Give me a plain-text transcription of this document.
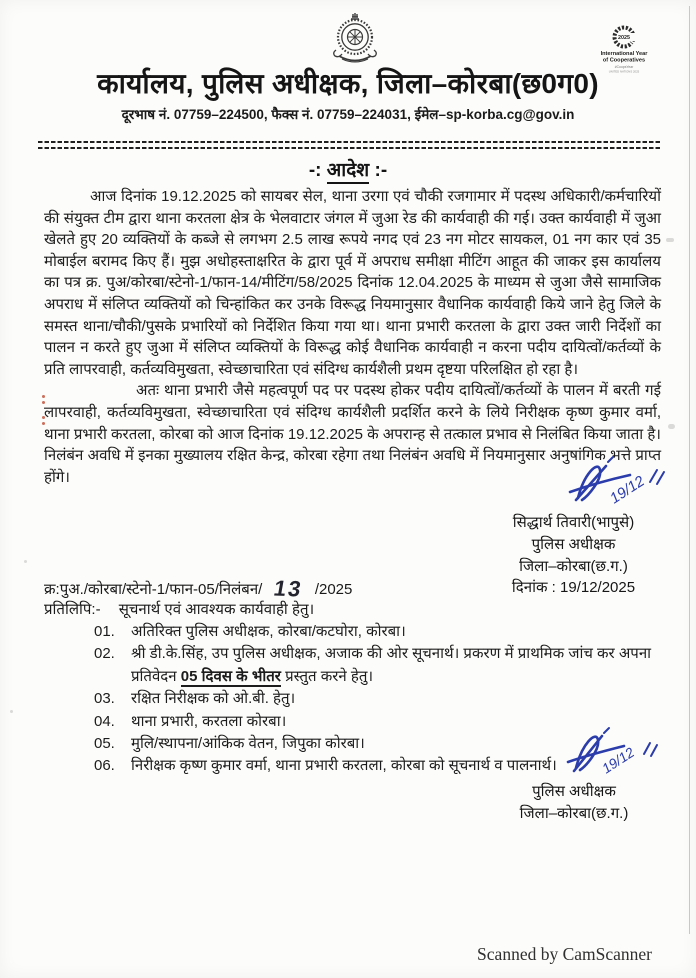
2025
International Year
of Cooperatives
#CoopsYear
UNITED NATIONS 2025
कार्यालय, पुलिस अधीक्षक, जिला–कोरबा(छ0ग0)
दूरभाष नं. 07759–224500, फैक्स नं. 07759–224031, ईमेल–sp-korba.cg@gov.in
-: आदेश :-

आज दिनांक 19.12.2025 को सायबर सेल, थाना उरगा एवं चौकी रजगामार में पदस्थ अधिकारी/कर्मचारियों की संयुक्त टीम द्वारा थाना करतला क्षेत्र के भेलवाटार जंगल में जुआ रेड की कार्यवाही की गई। उक्त कार्यवाही में जुआ खेलते हुए 20 व्यक्तियों के कब्जे से लगभग 2.5 लाख रूपये नगद एवं 23 नग मोटर सायकल, 01 नग कार एवं 35 मोबाईल बरामद किए हैं। मुझ अधोहस्ताक्षरित के द्वारा पूर्व में अपराध समीक्षा मीटिंग आहूत की जाकर इस कार्यालय का पत्र क्र. पुअ/कोरबा/स्टेनो-1/फान-14/मीटिंग/58/2025 दिनांक 12.04.2025 के माध्यम से जुआ जैसे सामाजिक अपराध में संलिप्त व्यक्तियों को चिन्हांकित कर उनके विरूद्ध नियमानुसार वैधानिक कार्यवाही किये जाने हेतु जिले के समस्त थाना/चौकी/पुसके प्रभारियों को निर्देशित किया गया था। थाना प्रभारी करतला के द्वारा उक्त जारी निर्देशों का पालन न करते हुए जुआ में संलिप्त व्यक्तियों के विरूद्ध कोई वैधानिक कार्यवाही न करना पदीय दायित्वों/कर्तव्यों के प्रति लापरवाही, कर्तव्यविमुखता, स्वेच्छाचारिता एवं संदिग्ध कार्यशैली प्रथम दृष्टया परिलक्षित हो रहा है।

अतः थाना प्रभारी जैसे महत्वपूर्ण पद पर पदस्थ होकर पदीय दायित्वों/कर्तव्यों के पालन में बरती गई लापरवाही, कर्तव्यविमुखता, स्वेच्छाचारिता एवं संदिग्ध कार्यशैली प्रदर्शित करने के लिये निरीक्षक कृष्ण कुमार वर्मा, थाना प्रभारी करतला, कोरबा को आज दिनांक 19.12.2025 के अपरान्ह से तत्काल प्रभाव से निलंबित किया जाता है। निलंबंन अवधि में इनका मुख्यालय रक्षित केन्द्र, कोरबा रहेगा तथा निलंबंन अवधि में नियमानुसार अनुषांगिक भत्ते प्राप्त होंगे।	19/12
सिद्धार्थ तिवारी(भापुसे)
पुलिस अधीक्षक
जिला–कोरबा(छ.ग.)
दिनांक : 19/12/2025
क्र:पुअ./कोरबा/स्टेनो-1/फान-05/निलंबन/ 13 /2025
प्रतिलिपि:- सूचनार्थ एवं आवश्यक कार्यवाही हेतु।
01.	अतिरिक्त पुलिस अधीक्षक, कोरबा/कटघोरा, कोरबा।
02.	श्री डी.के.सिंह, उप पुलिस अधीक्षक, अजाक की ओर सूचनार्थ। प्रकरण में प्राथमिक जांच कर अपना प्रतिवेदन 05 दिवस के भीतर प्रस्तुत करने हेतु।
03.	रक्षित निरीक्षक को ओ.बी. हेतु।
04.	थाना प्रभारी, करतला कोरबा।
05.	मुलि/स्थापना/आंकिक वेतन, जिपुका कोरबा।
06.	निरीक्षक कृष्ण कुमार वर्मा, थाना प्रभारी करतला, कोरबा को सूचनार्थ व पालनार्थ।	19/12
पुलिस अधीक्षक
जिला–कोरबा(छ.ग.)
Scanned by CamScanner
